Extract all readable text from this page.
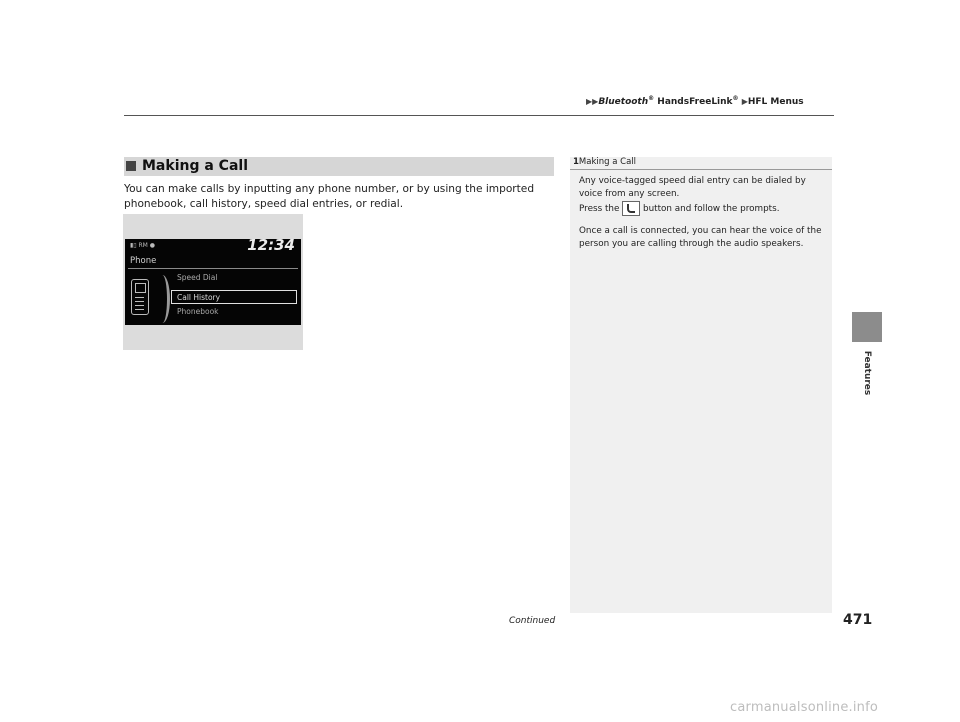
▶▶Bluetooth® HandsFreeLink® ▶HFL Menus
Making a Call
You can make calls by inputting any phone number, or by using the imported phonebook, call history, speed dial entries, or redial.
▮▯ RM ●	12:34
Phone
Speed Dial
Call History
Phonebook
1Making a Call

Any voice-tagged speed dial entry can be dialed by voice from any screen.
Press the  button and follow the prompts.

Once a call is connected, you can hear the voice of the person you are calling through the audio speakers.

Features
Continued	471
carmanualsonline.info
